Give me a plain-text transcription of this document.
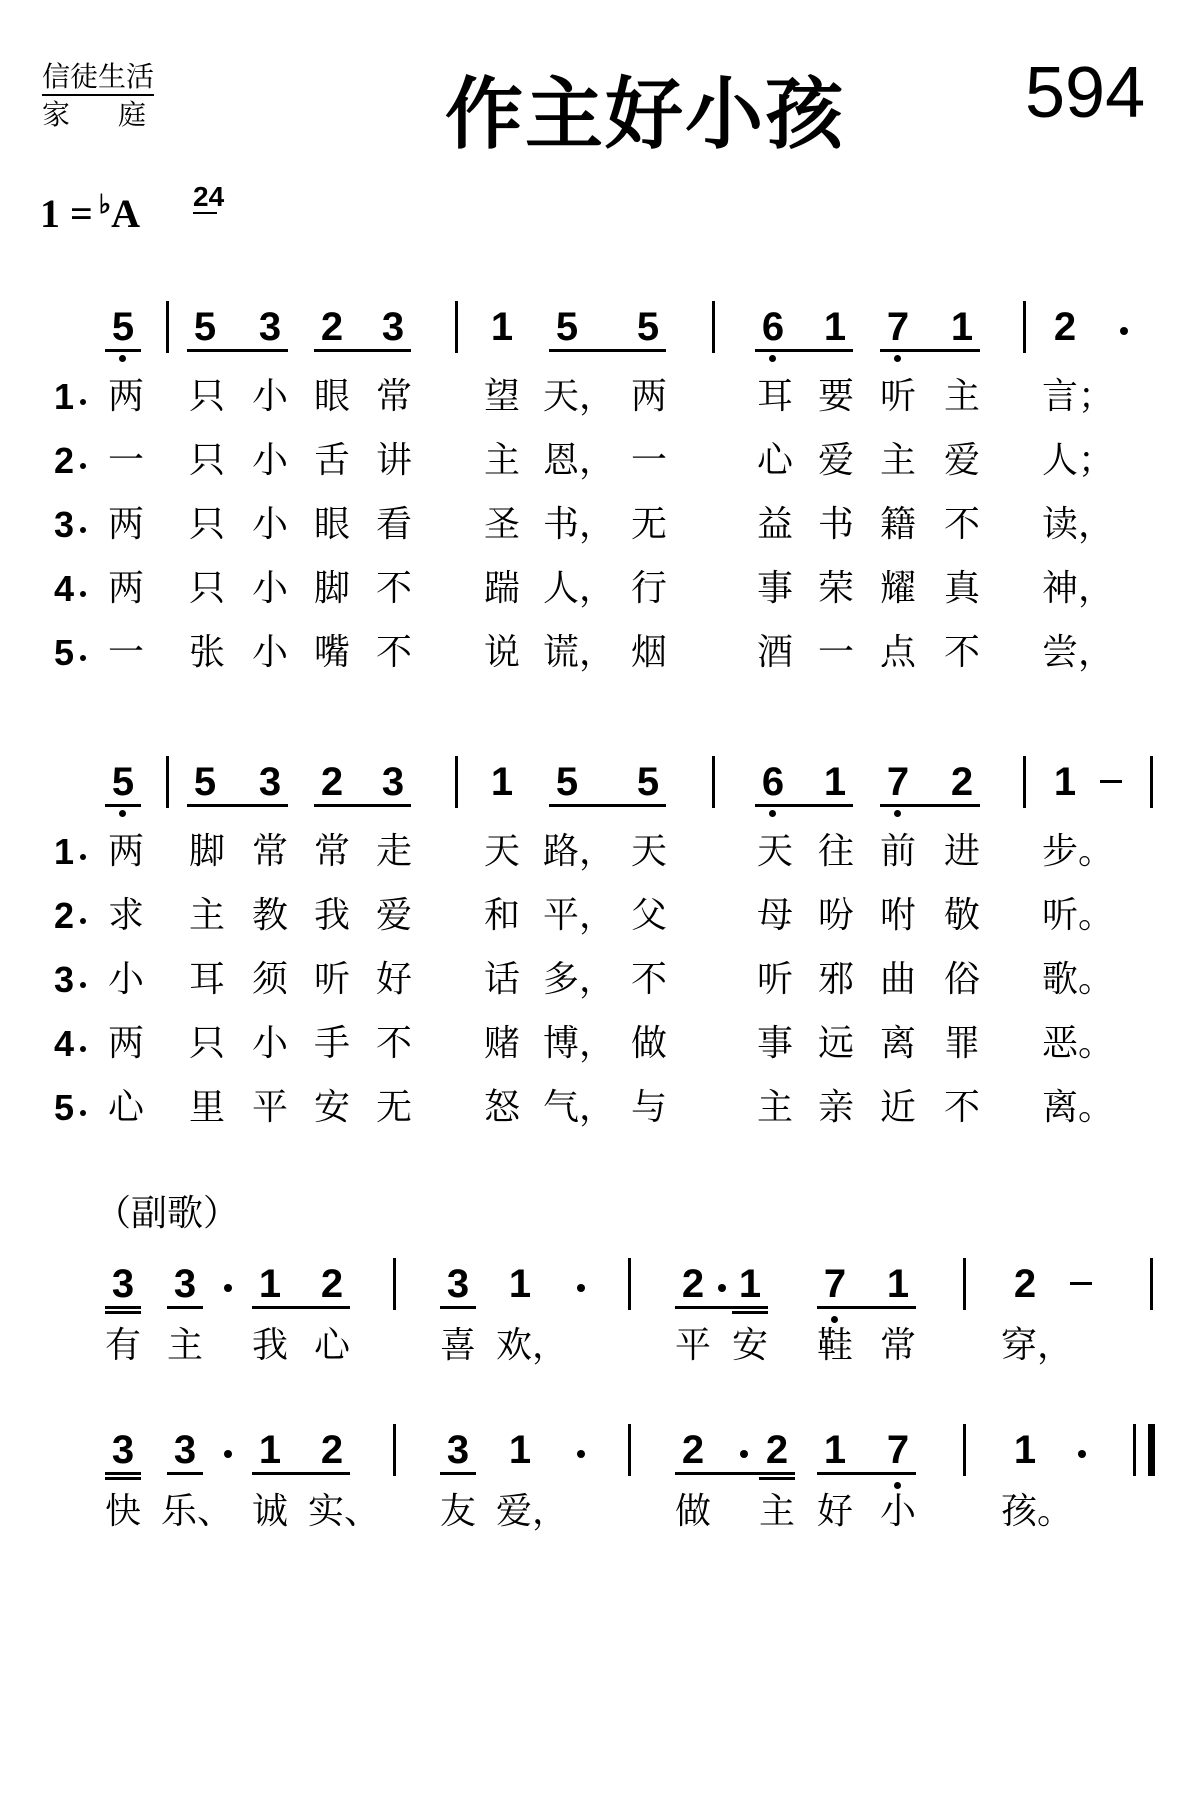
信徒生活
家庭	作主好小孩 594
1 = ♭A 2
4
（副歌）
5 5 3 2 3 1 5 5	6 1 7 1 2
1 两 只 小 眼 常 望 天， 两 耳 要 听 主 言；
2 一 只 小 舌 讲 主 恩， 一 心 爱 主 爱 人；
3 两 只 小 眼 看 圣 书， 无 益 书 籍 不 读，
4 两 只 小 脚 不 踹 人， 行 事 荣 耀 真 神，
5 一 张 小 嘴 不 说 谎， 烟 酒 一 点 不 尝，
5 5 3 2 3 1 5 5	6 1 7 2 1
1 两 脚 常 常 走 天 路， 天 天 往 前 进 步。
2 求 主 教 我 爱 和 平， 父 母 吩 咐 敬 听。
3 小 耳 须 听 好 话 多， 不 听 邪 曲 俗 歌。
4 两 只 小 手 不 赌 博， 做 事 远 离 罪 恶。
5 心 里 平 安 无 怒 气， 与 主 亲 近 不 离。
3 3 1 2	3 1	2 1 7 1	2
有 主 我 心 喜 欢，	平 安 鞋 常 穿，
3 3 1 2	3 1	2 2 1 7	1
快 乐、 诚 实、 友 爱，	做 主 好 小 孩。
